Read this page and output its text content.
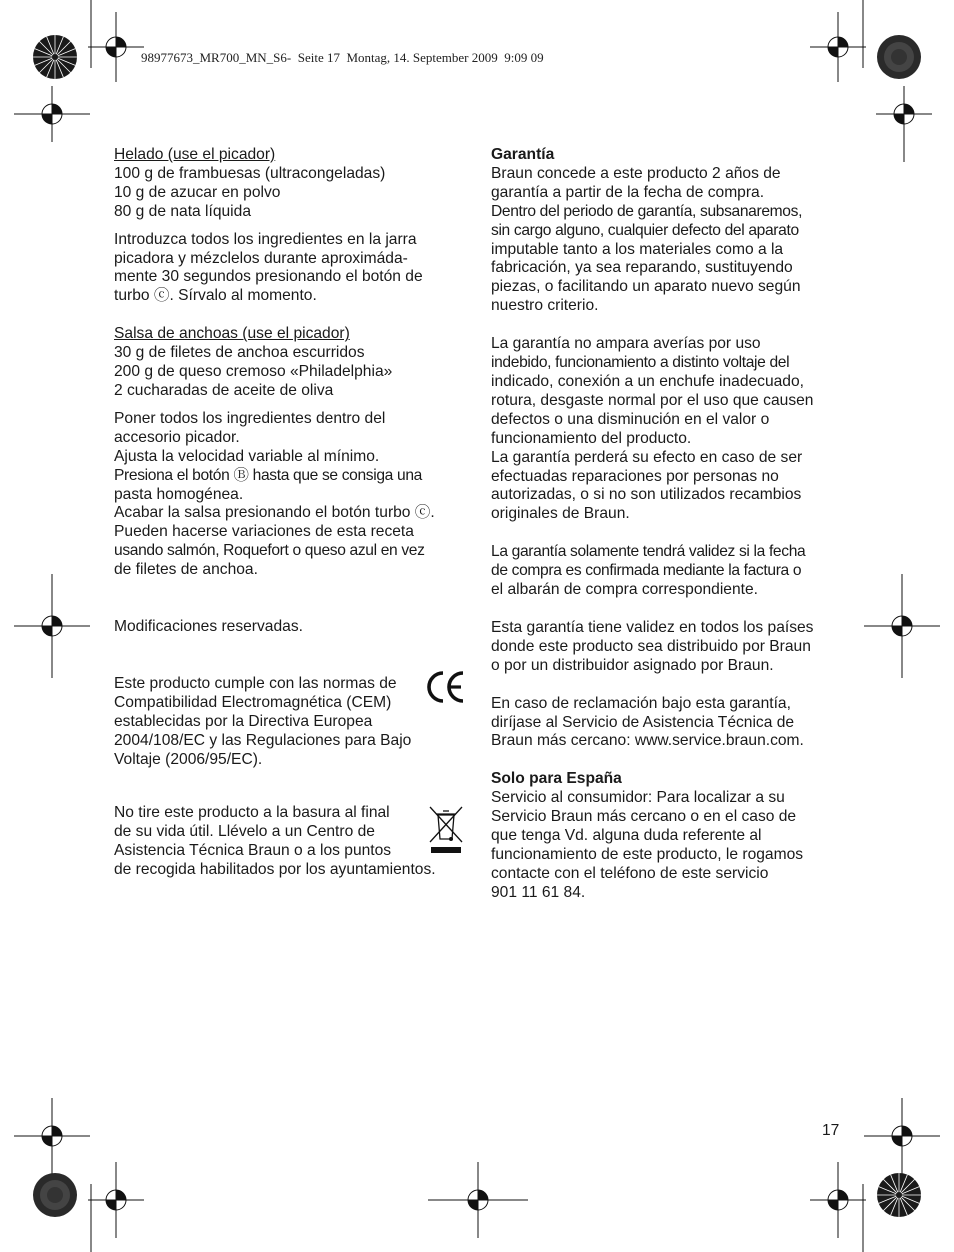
98977673_MR700_MN_S6-  Seite 17  Montag, 14. September 2009  9:09 09

Helado (use el picador)

100 g de frambuesas (ultracongeladas)
10 g de azucar en polvo
80 g de nata líquida

Introduzca todos los ingredientes en la jarra
picadora y mézclelos durante aproximáda-
mente 30 segundos presionando el botón de
turbo ⓒ. Sírvalo al momento.

Salsa de anchoas (use el picador)

30 g de filetes de anchoa escurridos
200 g de queso cremoso «Philadelphia»
2 cucharadas de aceite de oliva

Poner todos los ingredientes dentro del
accesorio picador.
Ajusta la velocidad variable al mínimo.
Presiona el botón Ⓑ hasta que se consiga una
pasta homogénea.
Acabar la salsa presionando el botón turbo ⓒ.
Pueden hacerse variaciones de esta receta
usando salmón, Roquefort o queso azul en vez
de filetes de anchoa.

Modificaciones reservadas.

Este producto cumple con las normas de
Compatibilidad Electromagnética (CEM)
establecidas por la Directiva Europea
2004/108/EC y las Regulaciones para Bajo
Voltaje (2006/95/EC).

No tire este producto a la basura al final
de su vida útil. Llévelo a un Centro de
Asistencia Técnica Braun o a los puntos
de recogida habilitados por los ayuntamientos.

Garantía

Braun concede a este producto 2 años de
garantía a partir de la fecha de compra.
Dentro del periodo de garantía, subsanaremos,
sin cargo alguno, cualquier defecto del aparato
imputable tanto a los materiales como a la
fabricación, ya sea reparando, sustituyendo
piezas, o facilitando un aparato nuevo según
nuestro criterio.

La garantía no ampara averías por uso
indebido, funcionamiento a distinto voltaje del
indicado, conexión a un enchufe inadecuado,
rotura, desgaste normal por el uso que causen
defectos o una disminución en el valor o
funcionamiento del producto.
La garantía perderá su efecto en caso de ser
efectuadas reparaciones por personas no
autorizadas, o si no son utilizados recambios
originales de Braun.

La garantía solamente tendrá validez si la fecha
de compra es confirmada mediante la factura o
el albarán de compra correspondiente.

Esta garantía tiene validez en todos los países
donde este producto sea distribuido por Braun
o por un distribuidor asignado por Braun.

En caso de reclamación bajo esta garantía,
diríjase al Servicio de Asistencia Técnica de
Braun más cercano: www.service.braun.com.

Solo para España

Servicio al consumidor: Para localizar a su
Servicio Braun más cercano o en el caso de
que tenga Vd. alguna duda referente al
funcionamiento de este producto, le rogamos
contacte con el teléfono de este servicio
901 11 61 84.

17
